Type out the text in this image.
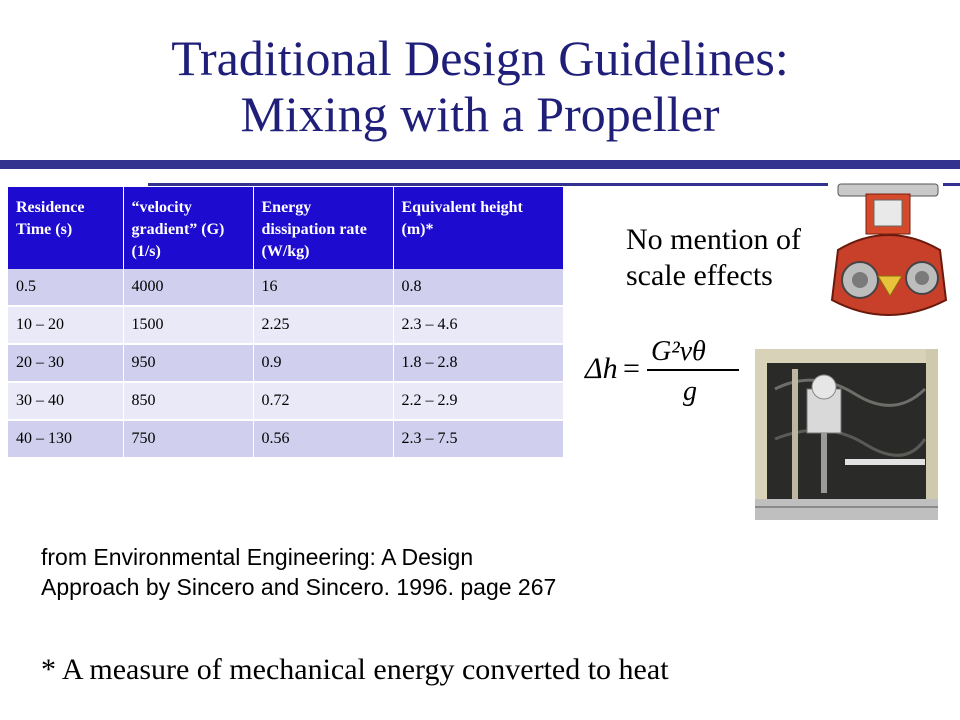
Traditional Design Guidelines:
Mixing with a Propeller
Residence Time (s)	“velocity gradient” (G) (1/s)	Energy dissipation rate (W/kg)	Equivalent height (m)*
0.5	4000	16	0.8
10 – 20	1500	2.25	2.3 – 4.6
20 – 30	950	0.9	1.8 – 2.8
30 – 40	850	0.72	2.2 – 2.9
40 – 130	750	0.56	2.3 – 7.5
No mention of
scale effects
Δh =
G²νθ
g
from Environmental Engineering: A Design
Approach by Sincero and Sincero. 1996. page 267
* A measure of mechanical energy converted to heat
